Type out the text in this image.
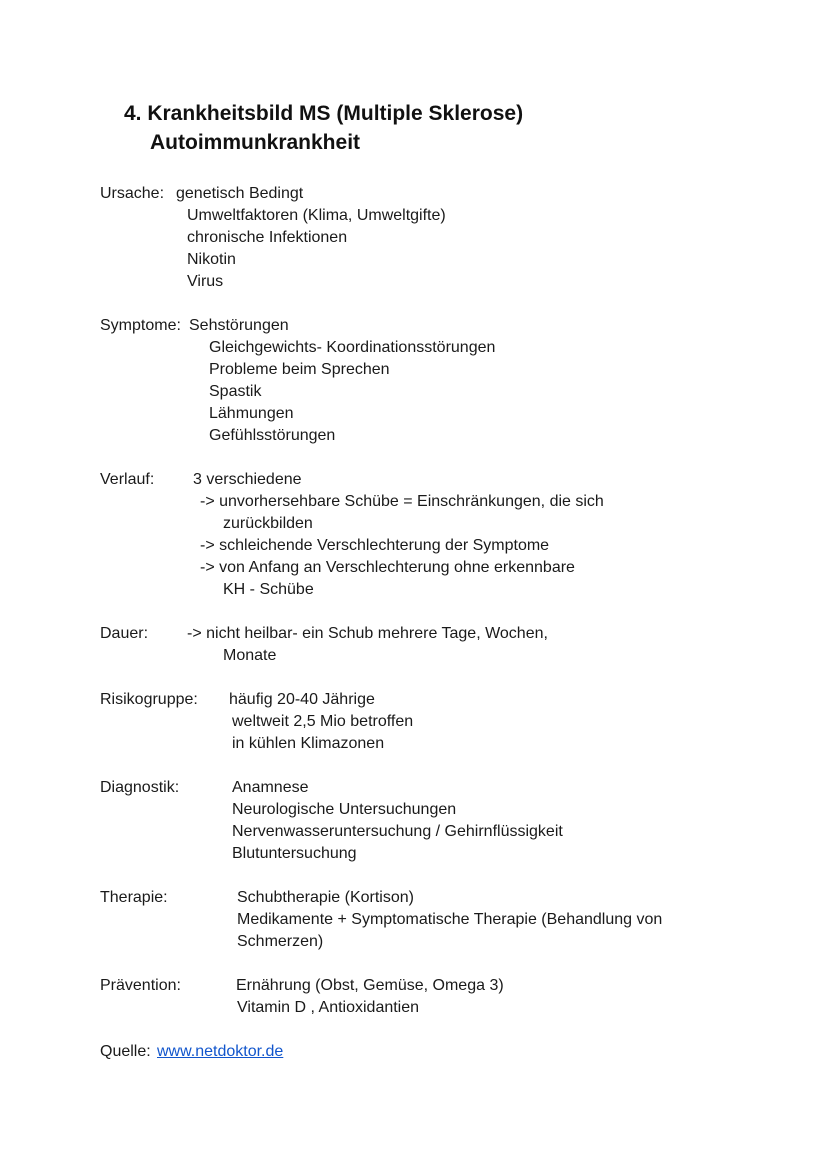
4. Krankheitsbild MS (Multiple Sklerose)
Autoimmunkrankheit
Ursache: genetisch Bedingt
Umweltfaktoren (Klima, Umweltgifte)
chronische Infektionen
Nikotin
Virus
Symptome: Sehstörungen
Gleichgewichts- Koordinationsstörungen
Probleme beim Sprechen
Spastik
Lähmungen
Gefühlsstörungen
Verlauf: 3 verschiedene
-> unvorhersehbare Schübe = Einschränkungen, die sich
zurückbilden
-> schleichende Verschlechterung der Symptome
-> von Anfang an Verschlechterung ohne erkennbare
KH - Schübe
Dauer: -> nicht heilbar- ein Schub mehrere Tage, Wochen,
Monate
Risikogruppe: häufig 20-40 Jährige
weltweit 2,5 Mio betroffen
in kühlen Klimazonen
Diagnostik:	Anamnese
Neurologische Untersuchungen
Nervenwasseruntersuchung / Gehirnflüssigkeit
Blutuntersuchung
Therapie:	Schubtherapie (Kortison)
Medikamente + Symptomatische Therapie (Behandlung von
Schmerzen)
Prävention:	Ernährung (Obst, Gemüse, Omega 3)
Vitamin D , Antioxidantien
Quelle: www.netdoktor.de
